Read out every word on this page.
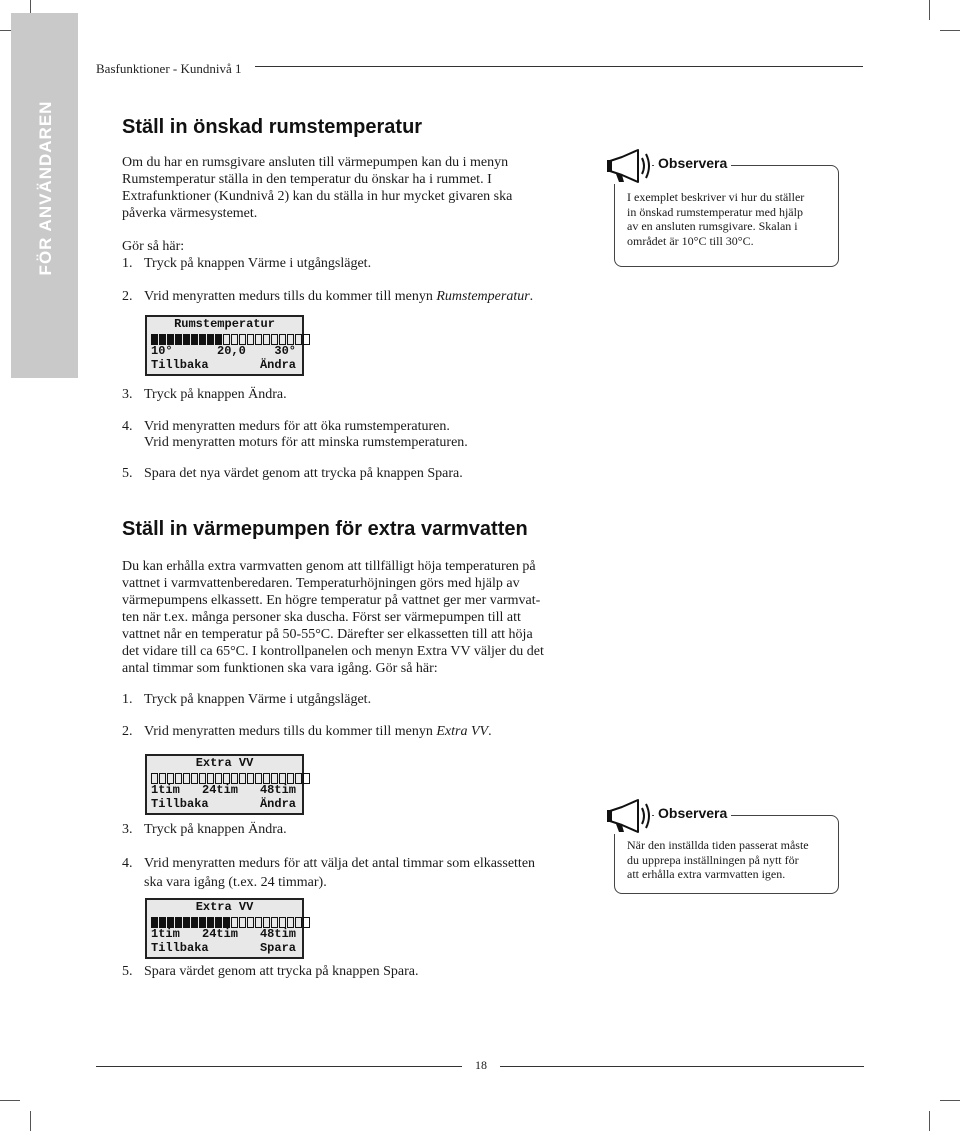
FÖR ANVÄNDAREN
Basfunktioner - Kundnivå 1
Ställ in önskad rumstemperatur
Om du har en rumsgivare ansluten till värmepumpen kan du i menyn
Rumstemperatur ställa in den temperatur du önskar ha i rummet. I
Extrafunktioner (Kundnivå 2) kan du ställa in hur mycket givaren ska
påverka värmesystemet.
Gör så här:
1. Tryck på knappen Värme i utgångsläget.
2. Vrid menyratten medurs tills du kommer till menyn Rumstemperatur.
Rumstemperatur
10°	20,0 30°
Tillbaka	Ändra
3. Tryck på knappen Ändra.
4. Vrid menyratten medurs för att öka rumstemperaturen.
Vrid menyratten moturs för att minska rumstemperaturen.
5. Spara det nya värdet genom att trycka på knappen Spara.
I exemplet beskriver vi hur du ställer
in önskad rumstemperatur med hjälp
av en ansluten rumsgivare. Skalan i
området är 10°C till 30°C.
Observera
Ställ in värmepumpen för extra varmvatten
Du kan erhålla extra varmvatten genom att tillfälligt höja temperaturen på
vattnet i varmvattenberedaren. Temperaturhöjningen görs med hjälp av
värmepumpens elkassett. En högre temperatur på vattnet ger mer varmvat-
ten när t.ex. många personer ska duscha. Först ser värmepumpen till att
vattnet når en temperatur på 50-55°C. Därefter ser elkassetten till att höja
det vidare till ca 65°C. I kontrollpanelen och menyn Extra VV väljer du det
antal timmar som funktionen ska vara igång. Gör så här:
1. Tryck på knappen Värme i utgångsläget.
2. Vrid menyratten medurs tills du kommer till menyn Extra VV.
Extra VV
1tim 24tim 48tim
Tillbaka	Ändra
3. Tryck på knappen Ändra.
4. Vrid menyratten medurs för att välja det antal timmar som elkassetten
ska vara igång (t.ex. 24 timmar).
Extra VV
1tim 24tim 48tim
Tillbaka	Spara
5. Spara värdet genom att trycka på knappen Spara.
När den inställda tiden passerat måste
du upprepa inställningen på nytt för
att erhålla extra varmvatten igen.
Observera
18
